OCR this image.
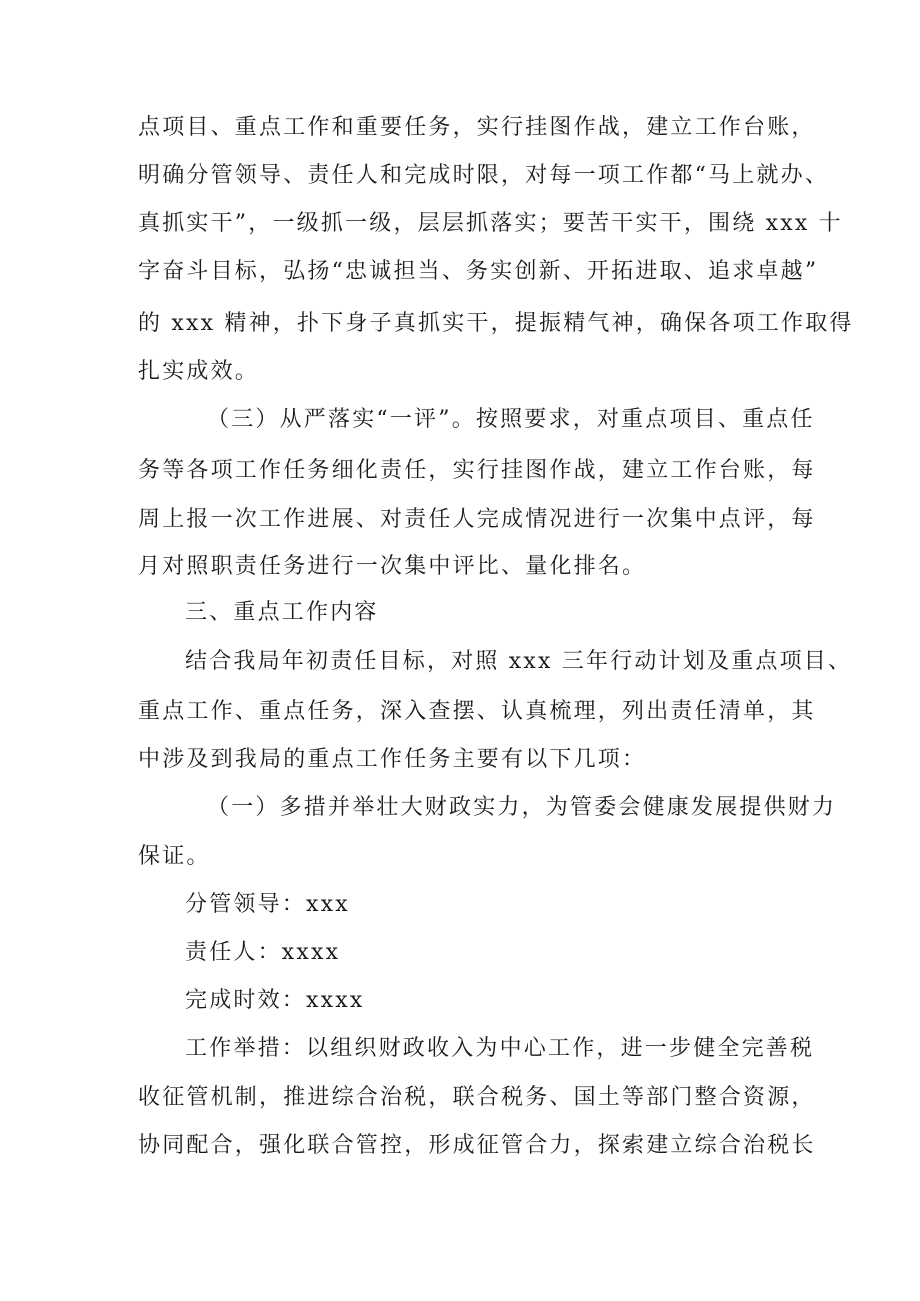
点项目、重点工作和重要任务，实行挂图作战，建立工作台账，
明确分管领导、责任人和完成时限，对每一项工作都“马上就办、
真抓实干”，一级抓一级，层层抓落实；要苦干实干，围绕 xxx 十
字奋斗目标，弘扬“忠诚担当、务实创新、开拓进取、追求卓越”
的 xxx 精神，扑下身子真抓实干，提振精气神，确保各项工作取得
扎实成效。
（三）从严落实“一评”。按照要求，对重点项目、重点任
务等各项工作任务细化责任，实行挂图作战，建立工作台账，每
周上报一次工作进展、对责任人完成情况进行一次集中点评，每
月对照职责任务进行一次集中评比、量化排名。
三、重点工作内容
结合我局年初责任目标，对照 xxx 三年行动计划及重点项目、
重点工作、重点任务，深入查摆、认真梳理，列出责任清单，其
中涉及到我局的重点工作任务主要有以下几项：
（一）多措并举壮大财政实力，为管委会健康发展提供财力
保证。
分管领导：xxx
责任人：xxxx
完成时效：xxxx
工作举措：以组织财政收入为中心工作，进一步健全完善税
收征管机制，推进综合治税，联合税务、国土等部门整合资源，
协同配合，强化联合管控，形成征管合力，探索建立综合治税长
